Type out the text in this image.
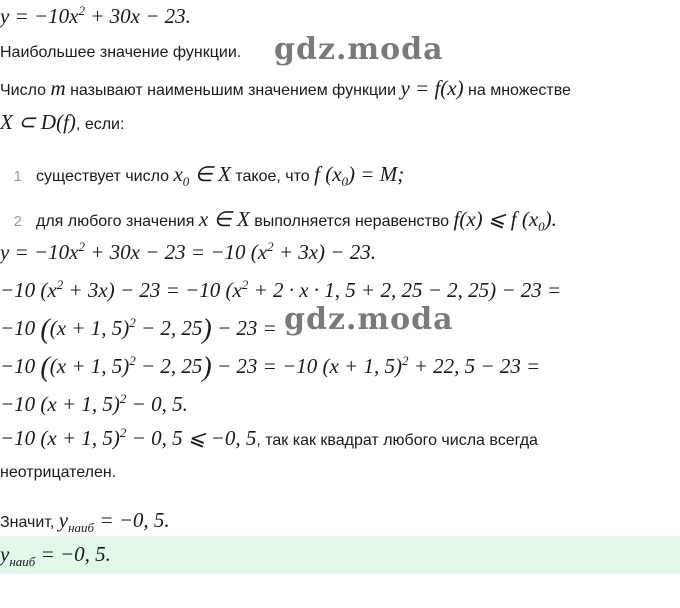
$y = -10x^2 + 30x - 23$.
Наибольшее значение функции. gdz.moda
Число m называют наименьшим значением функции y = f(x) на множестве
X ⊂ D(f), если:
1 существует число $x_0$ ∈ X такое, что f $(x_0) = M$;
2 для любого значения x ∈ X выполняется неравенство f(x) ⩽ f $(x_0)$.
$y = -10x^2 + 30x - 23 = -10$ $(x^2 + 3x) - 23$.
−10 $(x^2 + 3x) - 23 = -10$ ($x^2 + 2 \cdot x \cdot 1$, 5 + 2, 25 − 2, 25) − 23 =
−10 ((x + 1, 5)$^2$ − 2, 25) − 23 = gdz.moda
−10 ((x + 1, 5)$^2$ − 2, 25) − 23 = −10 (x + 1, 5)$^2$ + 22, 5 − 23 =
−10 (x + 1, 5)$^2$ − 0, 5.
−10 (x + 1, 5)$^2$ − 0, 5 ⩽ −0, 5, так как квадрат любого числа всегда
неотрицателен.
Значит, $y_{наиб} = -0$, 5.
$y_{наиб} = -0$, 5.
